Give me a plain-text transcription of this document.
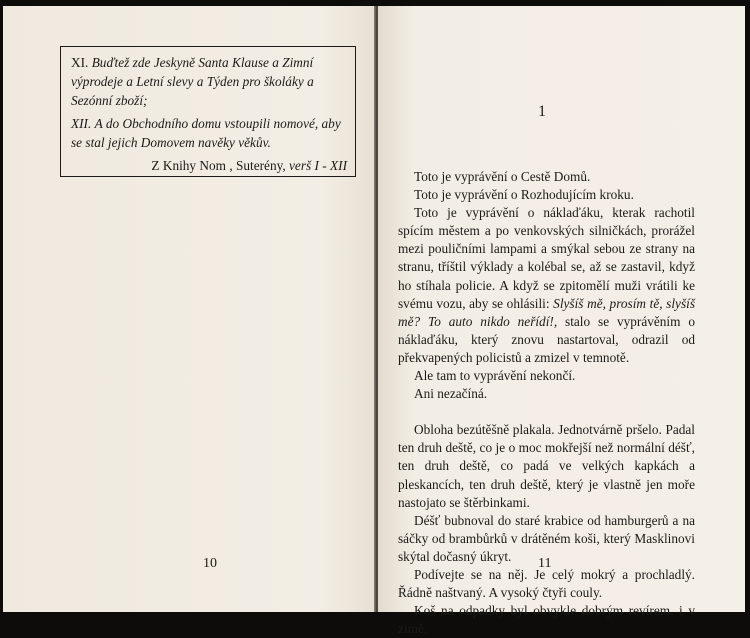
XI. Buďtež zde Jeskyně Santa Klause a Zimní výprodeje a Letní slevy a Týden pro školáky a Sezónní zboží;

XII. A do Obchodního domu vstoupili nomové, aby se stal jejich Domovem navěky věkův.

Z Knihy Nom , Suterény, verš I - XII

10
1

Toto je vyprávění o Cestě Domů.

Toto je vyprávění o Rozhodujícím kroku.

Toto je vyprávění o náklaďáku, kterak rachotil spícím městem a po venkovských silničkách, prorážel mezi pouličními lampami a smýkal sebou ze strany na stranu, tříštil výklady a kolébal se, až se zastavil, když ho stíhala policie. A když se zpitomělí muži vrátili ke svému vozu, aby se ohlásili: Slyšíš mě, prosím tě, slyšíš mě? To auto nikdo neřídí!, stalo se vyprávěním o náklaďáku, který znovu nastartoval, odrazil od překvapených policistů a zmizel v temnotě.

Ale tam to vyprávění nekončí.

Ani nezačíná.

Obloha bezútěšně plakala. Jednotvárně pršelo. Padal ten druh deště, co je o moc mokřejší než normální déšť, ten druh deště, co padá ve velkých kapkách a pleskancích, ten druh deště, který je vlastně jen moře nastojato se štěrbinkami.

Déšť bubnoval do staré krabice od hamburgerů a na sáčky od brambůrků v drátěném koši, který Masklinovi skýtal dočasný úkryt.

Podívejte se na něj. Je celý mokrý a prochladlý. Řádně naštvaný. A vysoký čtyři couly.

Koš na odpadky byl obvykle dobrým revírem, i v zimě.

11
